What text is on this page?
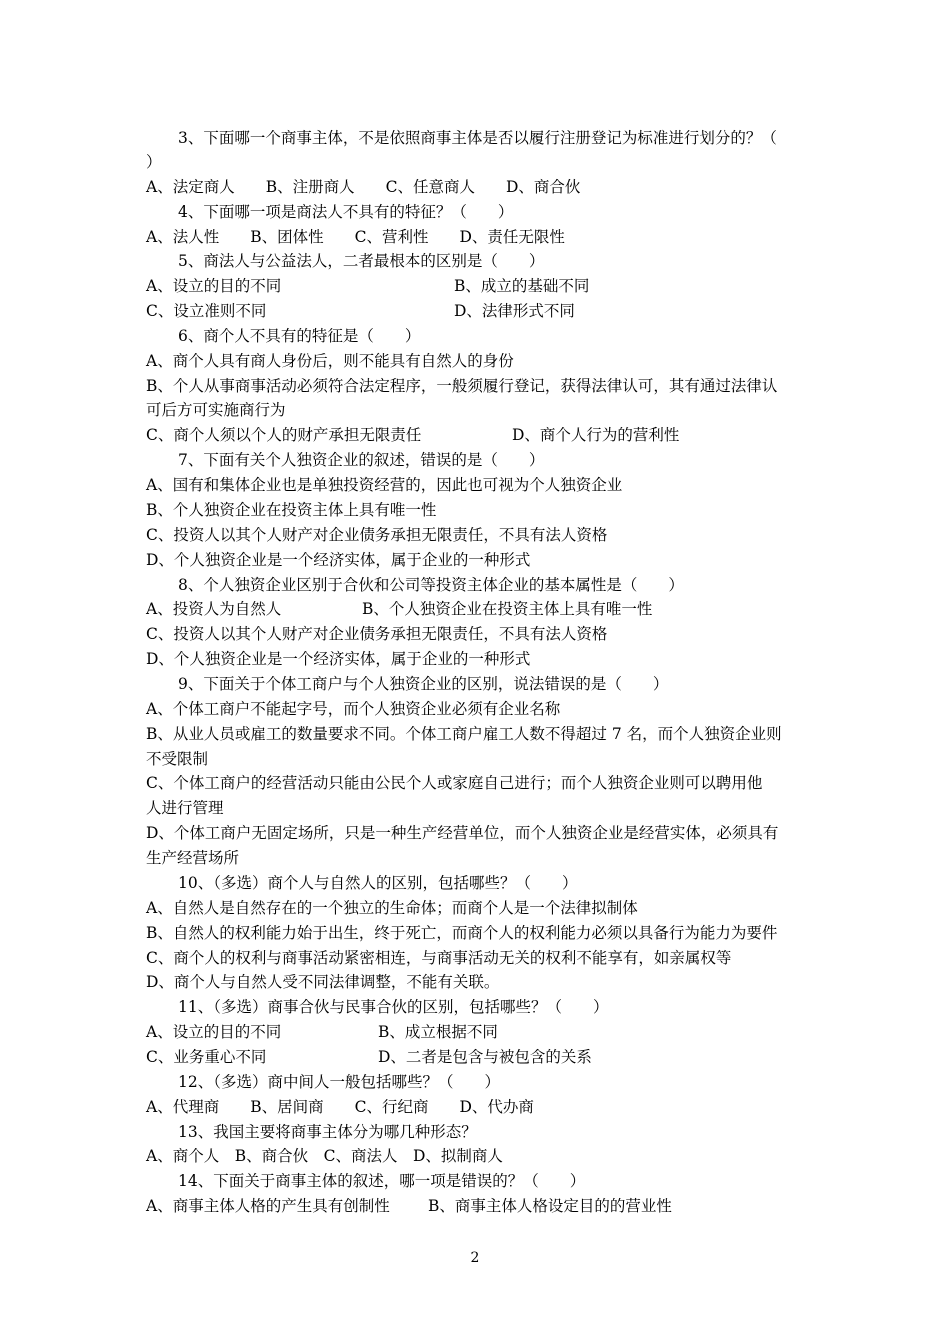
3、下面哪一个商事主体，不是依照商事主体是否以履行注册登记为标准进行划分的？（
）
A、法定商人　　B、注册商人　　C、任意商人　　D、商合伙
4、下面哪一项是商法人不具有的特征？（　　）
A、法人性　　B、团体性　　C、营利性　　D、责任无限性
5、商法人与公益法人，二者最根本的区别是（　　）
A、设立的目的不同	B、成立的基础不同
C、设立准则不同	D、法律形式不同
6、商个人不具有的特征是（　　）
A、商个人具有商人身份后，则不能具有自然人的身份
B、个人从事商事活动必须符合法定程序，一般须履行登记，获得法律认可，其有通过法律认
可后方可实施商行为
C、商个人须以个人的财产承担无限责任	D、商个人行为的营利性
7、下面有关个人独资企业的叙述，错误的是（　　）
A、国有和集体企业也是单独投资经营的，因此也可视为个人独资企业
B、个人独资企业在投资主体上具有唯一性
C、投资人以其个人财产对企业债务承担无限责任，不具有法人资格
D、个人独资企业是一个经济实体，属于企业的一种形式
8、个人独资企业区别于合伙和公司等投资主体企业的基本属性是（　　）
A、投资人为自然人	B、个人独资企业在投资主体上具有唯一性
C、投资人以其个人财产对企业债务承担无限责任，不具有法人资格
D、个人独资企业是一个经济实体，属于企业的一种形式
9、下面关于个体工商户与个人独资企业的区别，说法错误的是（　　）
A、个体工商户不能起字号，而个人独资企业必须有企业名称
B、从业人员或雇工的数量要求不同。个体工商户雇工人数不得超过 7 名，而个人独资企业则
不受限制
C、个体工商户的经营活动只能由公民个人或家庭自己进行；而个人独资企业则可以聘用他
人进行管理
D、个体工商户无固定场所，只是一种生产经营单位，而个人独资企业是经营实体，必须具有
生产经营场所
10、（多选）商个人与自然人的区别，包括哪些？（　　）
A、自然人是自然存在的一个独立的生命体；而商个人是一个法律拟制体
B、自然人的权利能力始于出生，终于死亡，而商个人的权利能力必须以具备行为能力为要件
C、商个人的权利与商事活动紧密相连，与商事活动无关的权利不能享有，如亲属权等
D、商个人与自然人受不同法律调整，不能有关联。
11、（多选）商事合伙与民事合伙的区别，包括哪些？（　　）
A、设立的目的不同	B、成立根据不同
C、业务重心不同	D、二者是包含与被包含的关系
12、（多选）商中间人一般包括哪些？（　　）
A、代理商　　B、居间商　　C、行纪商　　D、代办商
13、我国主要将商事主体分为哪几种形态？
A、商个人　B、商合伙　C、商法人　D、拟制商人
14、下面关于商事主体的叙述，哪一项是错误的？（　　）
A、商事主体人格的产生具有创制性 B、商事主体人格设定目的的营业性
2
